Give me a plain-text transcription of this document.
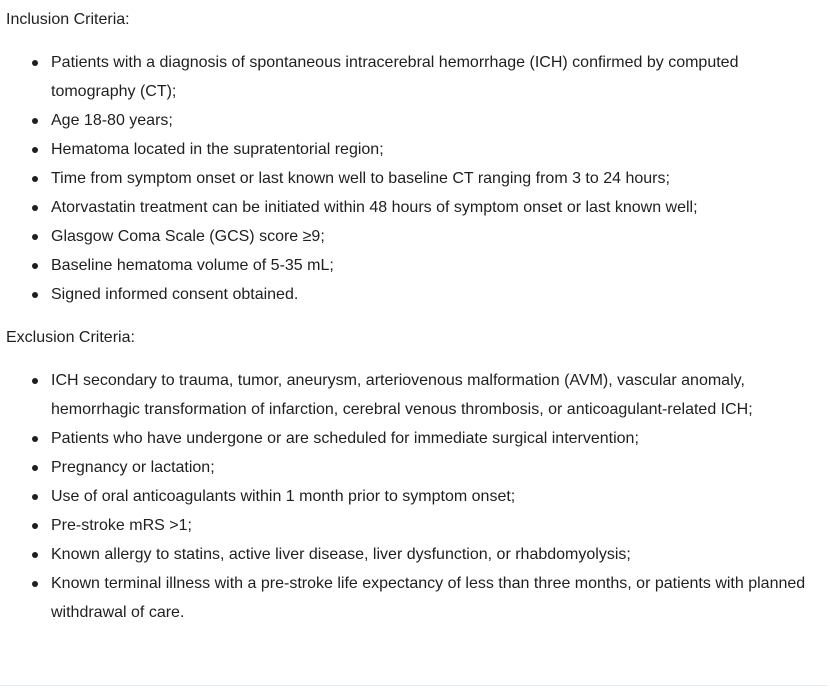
Inclusion Criteria:

Patients with a diagnosis of spontaneous intracerebral hemorrhage (ICH) confirmed by computed tomography (CT);
Age 18-80 years;
Hematoma located in the supratentorial region;
Time from symptom onset or last known well to baseline CT ranging from 3 to 24 hours;
Atorvastatin treatment can be initiated within 48 hours of symptom onset or last known well;
Glasgow Coma Scale (GCS) score ≥9;
Baseline hematoma volume of 5-35 mL;
Signed informed consent obtained.

Exclusion Criteria:

ICH secondary to trauma, tumor, aneurysm, arteriovenous malformation (AVM), vascular anomaly, hemorrhagic transformation of infarction, cerebral venous thrombosis, or anticoagulant-related ICH;
Patients who have undergone or are scheduled for immediate surgical intervention;
Pregnancy or lactation;
Use of oral anticoagulants within 1 month prior to symptom onset;
Pre-stroke mRS >1;
Known allergy to statins, active liver disease, liver dysfunction, or rhabdomyolysis;
Known terminal illness with a pre-stroke life expectancy of less than three months, or patients with planned withdrawal of care.
